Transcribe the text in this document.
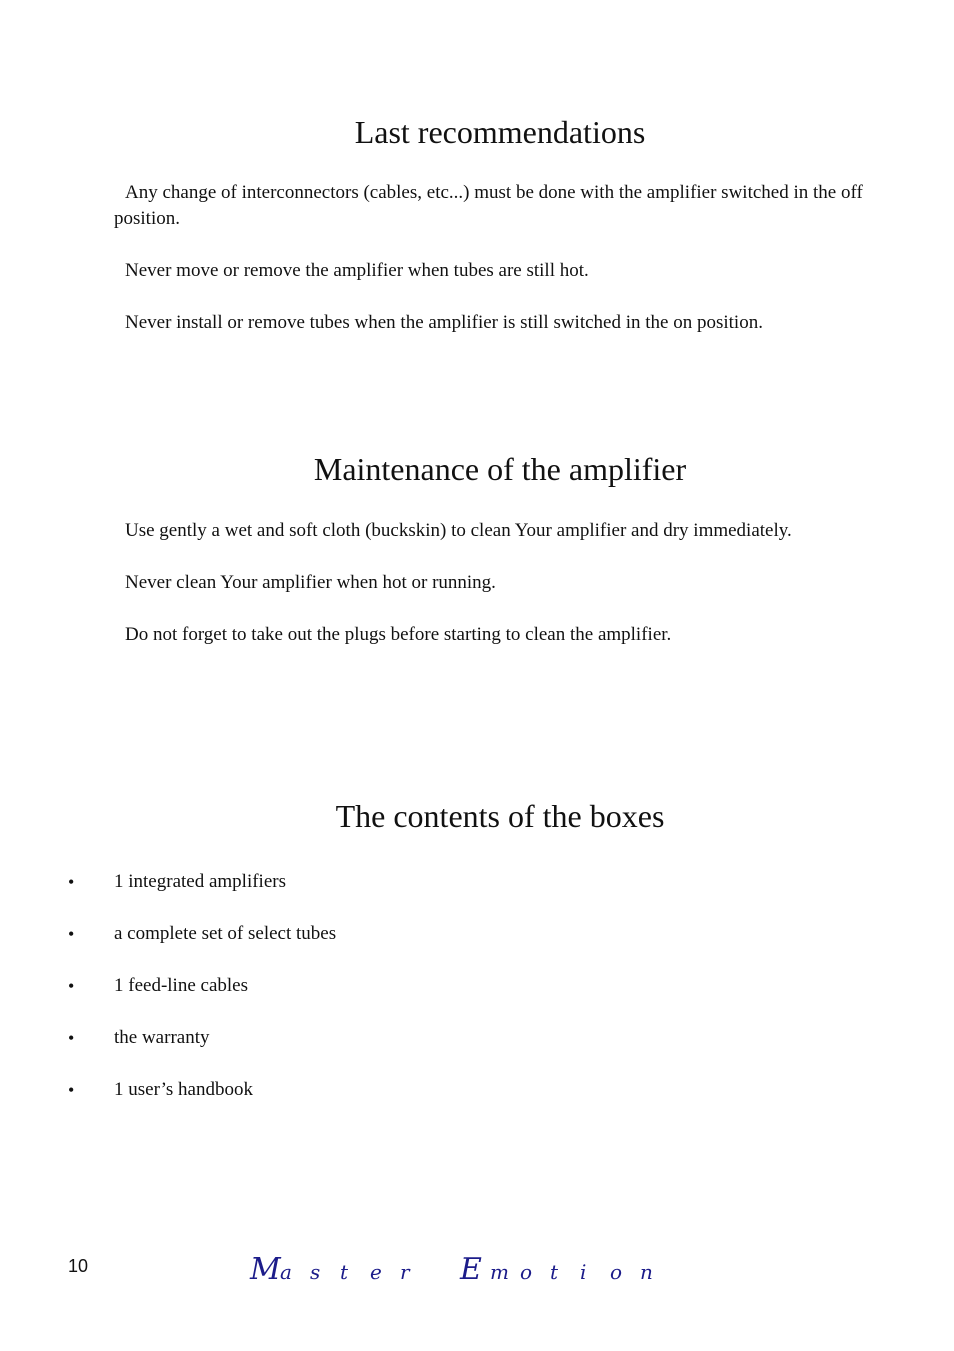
Last recommendations

Any change of interconnectors (cables, etc...) must be done with the amplifier switched in the off position.

Never move or remove the amplifier when tubes are still hot.

Never install or remove tubes when the amplifier is still switched in the on position.

Maintenance of the amplifier

Use gently a wet and soft cloth (buckskin) to clean Your amplifier and dry immediately.

Never clean Your amplifier when hot or running.

Do not forget to take out the plugs before starting to clean the amplifier.

The contents of the boxes
• 1 integrated amplifiers
• a complete set of select tubes
• 1 feed-line cables
• the warranty
• 1 user’s handbook
10	M a s t e r
E m o t i o n
